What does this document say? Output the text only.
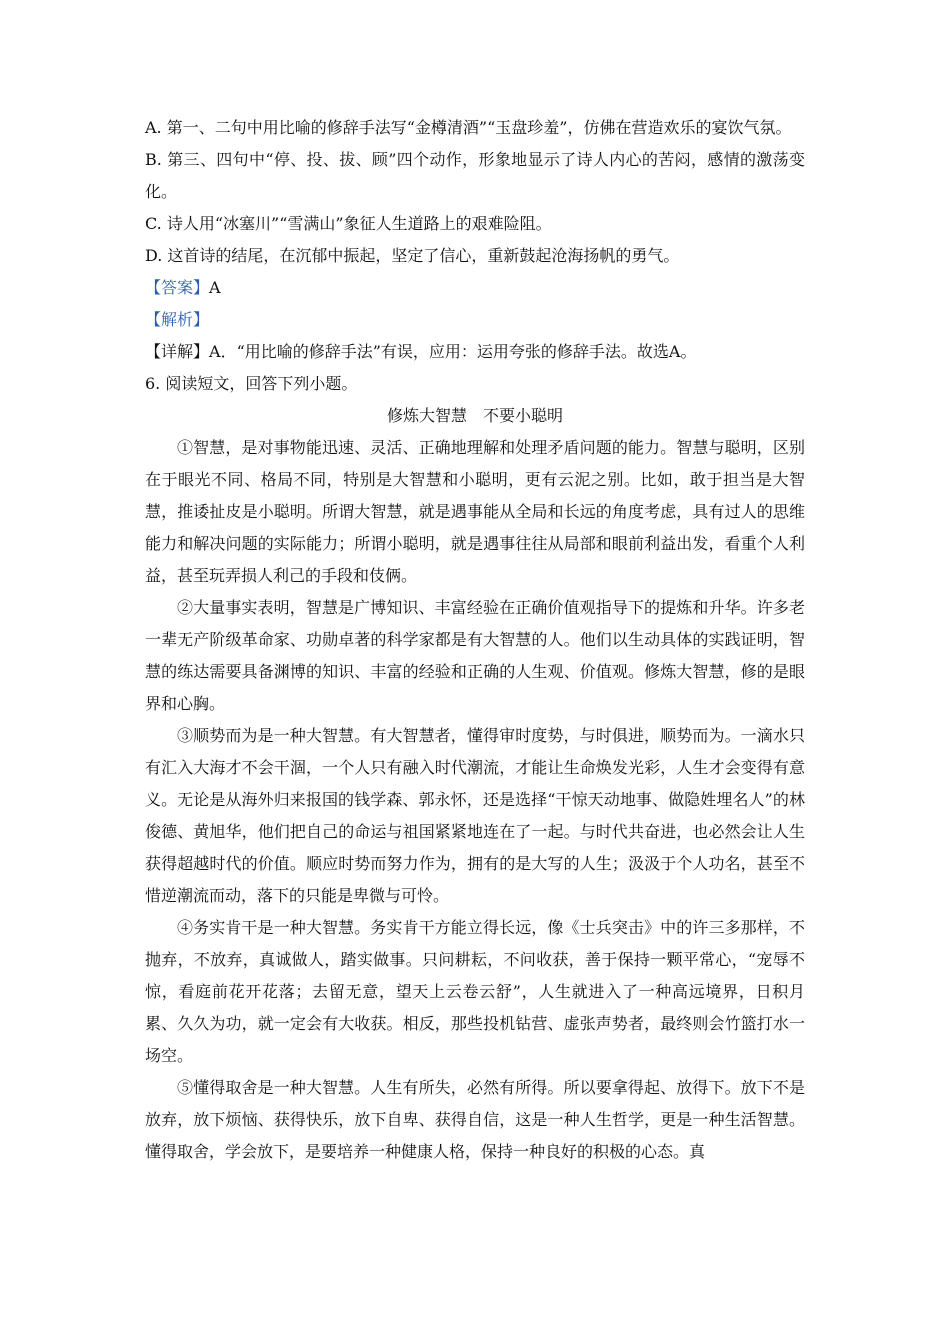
A. 第一、二句中用比喻的修辞手法写“金樽清酒”“玉盘珍羞”，仿佛在营造欢乐的宴饮气氛。

B. 第三、四句中“停、投、拔、顾”四个动作，形象地显示了诗人内心的苦闷，感情的激荡变化。

C. 诗人用“冰塞川”“雪满山”象征人生道路上的艰难险阻。

D. 这首诗的结尾，在沉郁中振起，坚定了信心，重新鼓起沧海扬帆的勇气。

【答案】A

【解析】

【详解】A．“用比喻的修辞手法”有误，应用：运用夸张的修辞手法。故选A。

6. 阅读短文，回答下列小题。

修炼大智慧　不要小聪明

①智慧，是对事物能迅速、灵活、正确地理解和处理矛盾问题的能力。智慧与聪明，区别在于眼光不同、格局不同，特别是大智慧和小聪明，更有云泥之别。比如，敢于担当是大智慧，推诿扯皮是小聪明。所谓大智慧，就是遇事能从全局和长远的角度考虑，具有过人的思维能力和解决问题的实际能力；所谓小聪明，就是遇事往往从局部和眼前利益出发，看重个人利益，甚至玩弄损人利己的手段和伎俩。

②大量事实表明，智慧是广博知识、丰富经验在正确价值观指导下的提炼和升华。许多老一辈无产阶级革命家、功勋卓著的科学家都是有大智慧的人。他们以生动具体的实践证明，智慧的练达需要具备渊博的知识、丰富的经验和正确的人生观、价值观。修炼大智慧，修的是眼界和心胸。

③顺势而为是一种大智慧。有大智慧者，懂得审时度势，与时俱进，顺势而为。一滴水只有汇入大海才不会干涸，一个人只有融入时代潮流，才能让生命焕发光彩，人生才会变得有意义。无论是从海外归来报国的钱学森、郭永怀，还是选择“干惊天动地事、做隐姓埋名人”的林俊德、黄旭华，他们把自己的命运与祖国紧紧地连在了一起。与时代共奋进，也必然会让人生获得超越时代的价值。顺应时势而努力作为，拥有的是大写的人生；汲汲于个人功名，甚至不惜逆潮流而动，落下的只能是卑微与可怜。

④务实肯干是一种大智慧。务实肯干方能立得长远，像《士兵突击》中的许三多那样，不抛弃，不放弃，真诚做人，踏实做事。只问耕耘，不问收获，善于保持一颗平常心，“宠辱不惊，看庭前花开花落；去留无意，望天上云卷云舒”，人生就进入了一种高远境界，日积月累、久久为功，就一定会有大收获。相反，那些投机钻营、虚张声势者，最终则会竹篮打水一场空。

⑤懂得取舍是一种大智慧。人生有所失，必然有所得。所以要拿得起、放得下。放下不是放弃，放下烦恼、获得快乐，放下自卑、获得自信，这是一种人生哲学，更是一种生活智慧。懂得取舍，学会放下，是要培养一种健康人格，保持一种良好的积极的心态。真
